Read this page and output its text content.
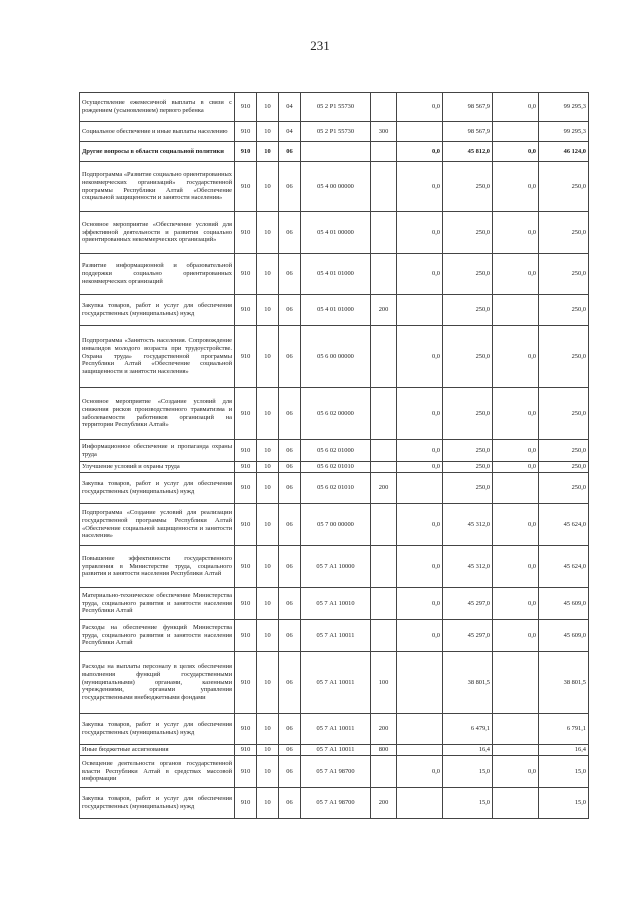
231
Осуществление ежемесячной выплаты в связи с рождением (усыновлением) первого ребенка	910	10	04	05 2 P1 55730		0,0	98 567,9	0,0	99 295,3
Социальное обеспечение и иные выплаты населению	910	10	04	05 2 P1 55730	300		98 567,9		99 295,3
Другие вопросы в области социальной политики	910	10	06			0,0	45 812,0	0,0	46 124,0
Подпрограмма «Развитие социально ориентированных некоммерческих организаций» государственной программы Республики Алтай «Обеспечение социальной защищенности и занятости населения»	910	10	06	05 4 00 00000		0,0	250,0	0,0	250,0
Основное мероприятие «Обеспечение условий для эффективной деятельности и развития социально ориентированных некоммерческих организаций»	910	10	06	05 4 01 00000		0,0	250,0	0,0	250,0
Развитие информационной и образовательной поддержки социально ориентированных некоммерческих организаций	910	10	06	05 4 01 01000		0,0	250,0	0,0	250,0
Закупка товаров, работ и услуг для обеспечения государственных (муниципальных) нужд	910	10	06	05 4 01 01000	200		250,0		250,0
Подпрограмма «Занятость населения. Сопровождение инвалидов молодого возраста при трудоустройстве. Охрана труда» государственной программы Республики Алтай «Обеспечение социальной защищенности и занятости населения»	910	10	06	05 6 00 00000		0,0	250,0	0,0	250,0
Основное мероприятие «Создание условий для снижения рисков производственного травматизма и заболеваемости работников организаций на территории Республики Алтай»	910	10	06	05 6 02 00000		0,0	250,0	0,0	250,0
Информационное обеспечение и пропаганда охраны труда	910	10	06	05 6 02 01000		0,0	250,0	0,0	250,0
Улучшение условий и охраны труда	910	10	06	05 6 02 01010		0,0	250,0	0,0	250,0
Закупка товаров, работ и услуг для обеспечения государственных (муниципальных) нужд	910	10	06	05 6 02 01010	200		250,0		250,0
Подпрограмма «Создание условий для реализации государственной программы Республики Алтай «Обеспечение социальной защищенности и занятости населения»	910	10	06	05 7 00 00000		0,0	45 312,0	0,0	45 624,0
Повышение эффективности государственного управления в Министерстве труда, социального развития и занятости населения Республики Алтай	910	10	06	05 7 А1 10000		0,0	45 312,0	0,0	45 624,0
Материально-техническое обеспечение Министерства труда, социального развития и занятости населения Республики Алтай	910	10	06	05 7 А1 10010		0,0	45 297,0	0,0	45 609,0
Расходы на обеспечение функций Министерства труда, социального развития и занятости населения Республики Алтай	910	10	06	05 7 А1 10011		0,0	45 297,0	0,0	45 609,0
Расходы на выплаты персоналу в целях обеспечения выполнения функций государственными (муниципальными) органами, казенными учреждениями, органами управления государственными внебюджетными фондами	910	10	06	05 7 А1 10011	100		38 801,5		38 801,5
Закупка товаров, работ и услуг для обеспечения государственных (муниципальных) нужд	910	10	06	05 7 А1 10011	200		6 479,1		6 791,1
Иные бюджетные ассигнования	910	10	06	05 7 А1 10011	800		16,4		16,4
Освещение деятельности органов государственной власти Республики Алтай в средствах массовой информации	910	10	06	05 7 А1 98700		0,0	15,0	0,0	15,0
Закупка товаров, работ и услуг для обеспечения государственных (муниципальных) нужд	910	10	06	05 7 А1 98700	200		15,0		15,0
